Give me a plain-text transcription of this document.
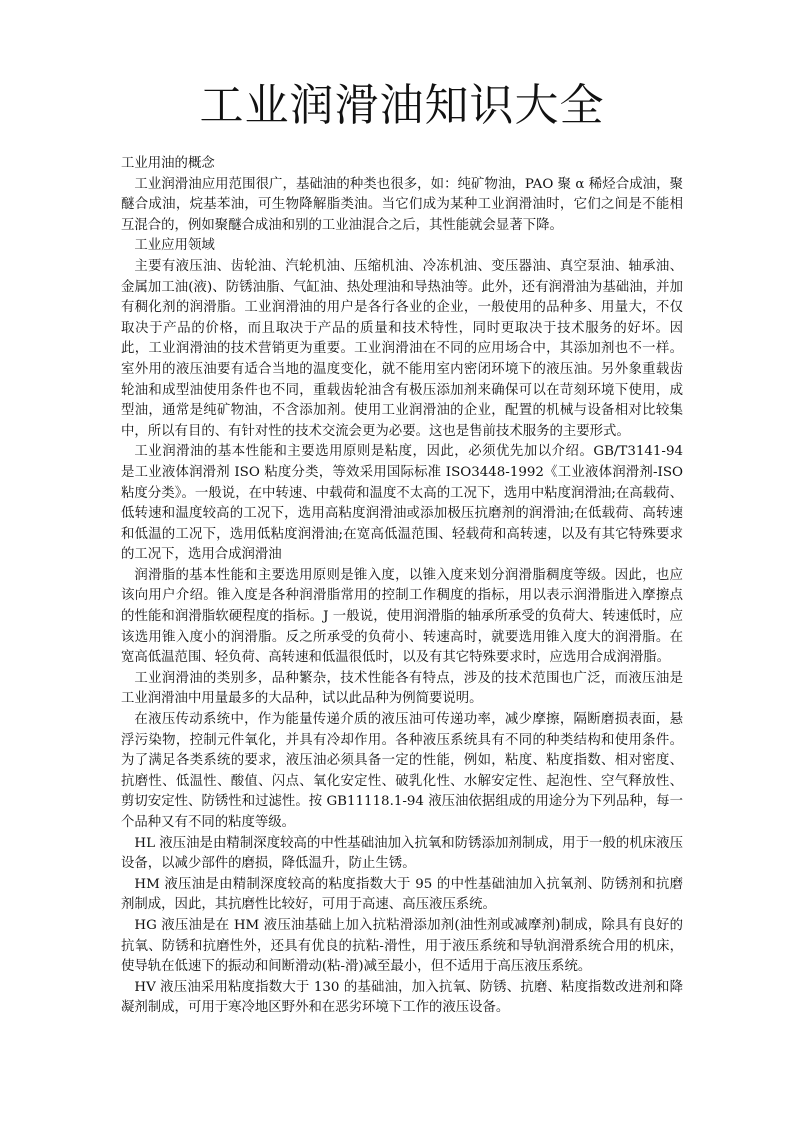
工业润滑油知识大全

工业用油的概念

工业润滑油应用范围很广，基础油的种类也很多，如：纯矿物油，PAO 聚 α 稀烃合成油，聚醚合成油，烷基苯油，可生物降解脂类油。当它们成为某种工业润滑油时，它们之间是不能相互混合的，例如聚醚合成油和别的工业油混合之后，其性能就会显著下降。

工业应用领域

主要有液压油、齿轮油、汽轮机油、压缩机油、冷冻机油、变压器油、真空泵油、轴承油、金属加工油(液)、防锈油脂、气缸油、热处理油和导热油等。此外，还有润滑油为基础油，并加有稠化剂的润滑脂。工业润滑油的用户是各行各业的企业，一般使用的品种多、用量大，不仅取决于产品的价格，而且取决于产品的质量和技术特性，同时更取决于技术服务的好坏。因此，工业润滑油的技术营销更为重要。工业润滑油在不同的应用场合中，其添加剂也不一样。室外用的液压油要有适合当地的温度变化，就不能用室内密闭环境下的液压油。另外象重载齿轮油和成型油使用条件也不同，重载齿轮油含有极压添加剂来确保可以在苛刻环境下使用，成型油，通常是纯矿物油，不含添加剂。使用工业润滑油的企业，配置的机械与设备相对比较集中，所以有目的、有针对性的技术交流会更为必要。这也是售前技术服务的主要形式。

工业润滑油的基本性能和主要选用原则是粘度，因此，必须优先加以介绍。GB/T3141-94 是工业液体润滑剂 ISO 粘度分类，等效采用国际标准 ISO3448-1992《工业液体润滑剂-ISO 粘度分类》。一般说，在中转速、中载荷和温度不太高的工况下，选用中粘度润滑油;在高载荷、低转速和温度较高的工况下，选用高粘度润滑油或添加极压抗磨剂的润滑油;在低载荷、高转速和低温的工况下，选用低粘度润滑油;在宽高低温范围、轻载荷和高转速，以及有其它特殊要求的工况下，选用合成润滑油

润滑脂的基本性能和主要选用原则是锥入度，以锥入度来划分润滑脂稠度等级。因此，也应该向用户介绍。锥入度是各种润滑脂常用的控制工作稠度的指标，用以表示润滑脂进入摩擦点的性能和润滑脂软硬程度的指标。J 一般说，使用润滑脂的轴承所承受的负荷大、转速低时，应该选用锥入度小的润滑脂。反之所承受的负荷小、转速高时，就要选用锥入度大的润滑脂。在宽高低温范围、轻负荷、高转速和低温很低时，以及有其它特殊要求时，应选用合成润滑脂。

工业润滑油的类别多，品种繁杂，技术性能各有特点，涉及的技术范围也广泛，而液压油是工业润滑油中用量最多的大品种，试以此品种为例简要说明。

在液压传动系统中，作为能量传递介质的液压油可传递功率，减少摩擦，隔断磨损表面，悬浮污染物，控制元件氧化，并具有冷却作用。各种液压系统具有不同的种类结构和使用条件。为了满足各类系统的要求，液压油必须具备一定的性能，例如，粘度、粘度指数、相对密度、抗磨性、低温性、酸值、闪点、氧化安定性、破乳化性、水解安定性、起泡性、空气释放性、剪切安定性、防锈性和过滤性。按 GB11118.1-94 液压油依据组成的用途分为下列品种，每一个品种又有不同的粘度等级。

HL 液压油是由精制深度较高的中性基础油加入抗氧和防锈添加剂制成，用于一般的机床液压设备，以减少部件的磨损，降低温升，防止生锈。

HM 液压油是由精制深度较高的粘度指数大于 95 的中性基础油加入抗氧剂、防锈剂和抗磨剂制成，因此，其抗磨性比较好，可用于高速、高压液压系统。

HG 液压油是在 HM 液压油基础上加入抗粘滑添加剂(油性剂或减摩剂)制成，除具有良好的抗氧、防锈和抗磨性外，还具有优良的抗粘-滑性，用于液压系统和导轨润滑系统合用的机床，使导轨在低速下的振动和间断滑动(粘-滑)减至最小，但不适用于高压液压系统。

HV 液压油采用粘度指数大于 130 的基础油，加入抗氧、防锈、抗磨、粘度指数改进剂和降凝剂制成，可用于寒冷地区野外和在恶劣环境下工作的液压设备。
